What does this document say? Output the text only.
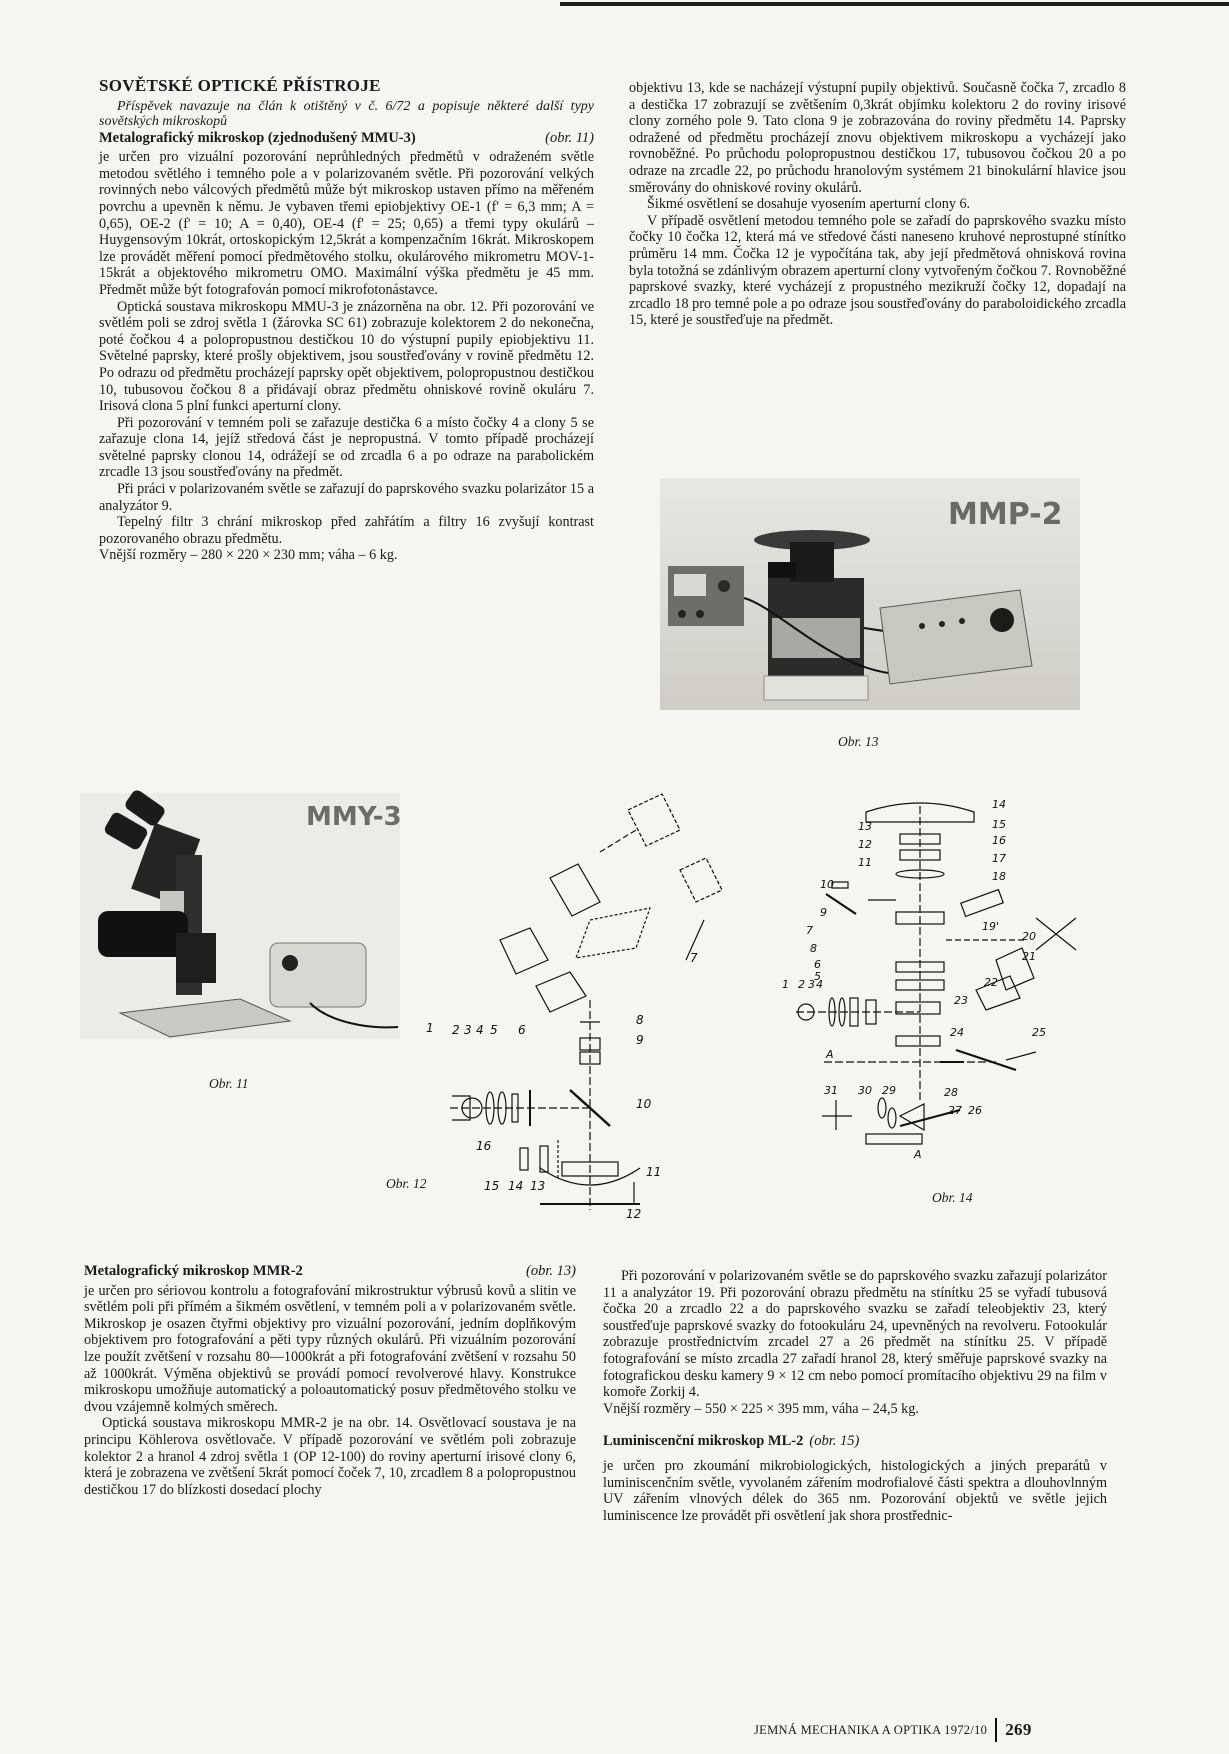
SOVĚTSKÉ OPTICKÉ PŘÍSTROJE

Příspěvek navazuje na člán k otištěný v č. 6/72 a popisuje některé další typy sovětských mikroskopů

Metalografický mikroskop (zjednodušený MMU-3)	(obr. 11)

je určen pro vizuální pozorování neprůhledných předmětů v odraženém světle metodou světlého i temného pole a v polarizovaném světle. Při pozorování velkých rovinných nebo válcových předmětů může být mikroskop ustaven přímo na měřeném povrchu a upevněn k němu. Je vybaven třemi epiobjektivy OE-1 (f' = 6,3 mm; A = 0,65), OE-2 (f' = 10; A = 0,40), OE-4 (f' = 25; 0,65) a třemi typy okulárů – Huygensovým 10krát, ortoskopickým 12,5krát a kompenzačním 16krát. Mikroskopem lze provádět měření pomocí předmětového stolku, okulárového mikrometru MOV-1-15krát a objektového mikrometru OMO. Maximální výška předmětu je 45 mm. Předmět může být fotografován pomocí mikrofotonástavce.

Optická soustava mikroskopu MMU-3 je znázorněna na obr. 12. Při pozorování ve světlém poli se zdroj světla 1 (žárovka SC 61) zobrazuje kolektorem 2 do nekonečna, poté čočkou 4 a polopropustnou destičkou 10 do výstupní pupily epiobjektivu 11. Světelné paprsky, které prošly objektivem, jsou soustřeďovány v rovině předmětu 12. Po odrazu od předmětu procházejí paprsky opět objektivem, polopropustnou destičkou 10, tubusovou čočkou 8 a přidávají obraz předmětu ohniskové rovině okuláru 7. Irisová clona 5 plní funkci aperturní clony.

Při pozorování v temném poli se zařazuje destička 6 a místo čočky 4 a clony 5 se zařazuje clona 14, jejíž středová část je nepropustná. V tomto případě procházejí světelné paprsky clonou 14, odrážejí se od zrcadla 6 a po odraze na parabolickém zrcadle 13 jsou soustřeďovány na předmět.

Při práci v polarizovaném světle se zařazují do paprskového svazku polarizátor 15 a analyzátor 9.

Tepelný filtr 3 chrání mikroskop před zahřátím a filtry 16 zvyšují kontrast pozorovaného obrazu předmětu.

Vnější rozměry – 280 × 220 × 230 mm; váha – 6 kg.

objektivu 13, kde se nacházejí výstupní pupily objektivů. Současně čočka 7, zrcadlo 8 a destička 17 zobrazují se zvětšením 0,3krát objímku kolektoru 2 do roviny irisové clony zorného pole 9. Tato clona 9 je zobrazována do roviny předmětu 14. Paprsky odražené od předmětu procházejí znovu objektivem mikroskopu a vycházejí jako rovnoběžné. Po průchodu polopropustnou destičkou 17, tubusovou čočkou 20 a po odraze na zrcadle 22, po průchodu hranolovým systémem 21 binokulární hlavice jsou směrovány do ohniskové roviny okulárů.

Šikmé osvětlení se dosahuje vyosením aperturní clony 6.

V případě osvětlení metodou temného pole se zařadí do paprskového svazku místo čočky 10 čočka 12, která má ve středové části naneseno kruhové neprostupné stínítko průměru 14 mm. Čočka 12 je vypočítána tak, aby její předmětová ohnisková rovina byla totožná se zdánlivým obrazem aperturní clony vytvořeným čočkou 7. Rovnoběžné paprskové svazky, které vycházejí z propustného mezikruží čočky 12, dopadají na zrcadlo 18 pro temné pole a po odraze jsou soustřeďovány do paraboloidického zrcadla 15, které je soustřeďuje na předmět.

MMP-2
Obr. 13
MMY-3
Obr. 11
7
1 2 3 4 5 6
8
9
10
11
12
13
14
15
16
Obr. 12
14
15
16
17
18
13
12
11
10
9
7
8
6
5
1 2 3 4
19'
20
21
22
23
24	25
26
27
28
29
30
31
A
A
Obr. 14
Metalografický mikroskop MMR-2	(obr. 13)

je určen pro sériovou kontrolu a fotografování mikrostruktur výbrusů kovů a slitin ve světlém poli při přímém a šikmém osvětlení, v temném poli a v polarizovaném světle. Mikroskop je osazen čtyřmi objektivy pro vizuální pozorování, jedním doplňkovým objektivem pro fotografování a pěti typy různých okulárů. Při vizuálním pozorování lze použít zvětšení v rozsahu 80—1000krát a při fotografování zvětšení v rozsahu 50 až 1000krát. Výměna objektivů se provádí pomocí revolverové hlavy. Konstrukce mikroskopu umožňuje automatický a poloautomatický posuv předmětového stolku ve dvou vzájemně kolmých směrech.

Optická soustava mikroskopu MMR-2 je na obr. 14. Osvětlovací soustava je na principu Köhlerova osvětlovače. V případě pozorování ve světlém poli zobrazuje kolektor 2 a hranol 4 zdroj světla 1 (OP 12-100) do roviny aperturní irisové clony 6, která je zobrazena ve zvětšení 5krát pomocí čoček 7, 10, zrcadlem 8 a polopropustnou destičkou 17 do blízkosti dosedací plochy

Při pozorování v polarizovaném světle se do paprskového svazku zařazují polarizátor 11 a analyzátor 19. Při pozorování obrazu předmětu na stínítku 25 se vyřadí tubusová čočka 20 a zrcadlo 22 a do paprskového svazku se zařadí teleobjektiv 23, který soustřeďuje paprskové svazky do fotookuláru 24, upevněných na revolveru. Fotookulár zobrazuje prostřednictvím zrcadel 27 a 26 předmět na stínítku 25. V případě fotografování se místo zrcadla 27 zařadí hranol 28, který směřuje paprskové svazky na fotografickou desku kamery 9 × 12 cm nebo pomocí promítacího objektivu 29 na film v komoře Zorkij 4.

Vnější rozměry – 550 × 225 × 395 mm, váha – 24,5 kg.

Luminiscenční mikroskop ML-2 (obr. 15)

je určen pro zkoumání mikrobiologických, histologických a jiných preparátů v luminiscenčním světle, vyvolaném zářením modrofialové části spektra a dlouhovlnným UV zářením vlnových délek do 365 nm. Pozorování objektů ve světle jejich luminiscence lze provádět při osvětlení jak shora prostřednic-

JEMNÁ MECHANIKA A OPTIKA 1972/10 269
